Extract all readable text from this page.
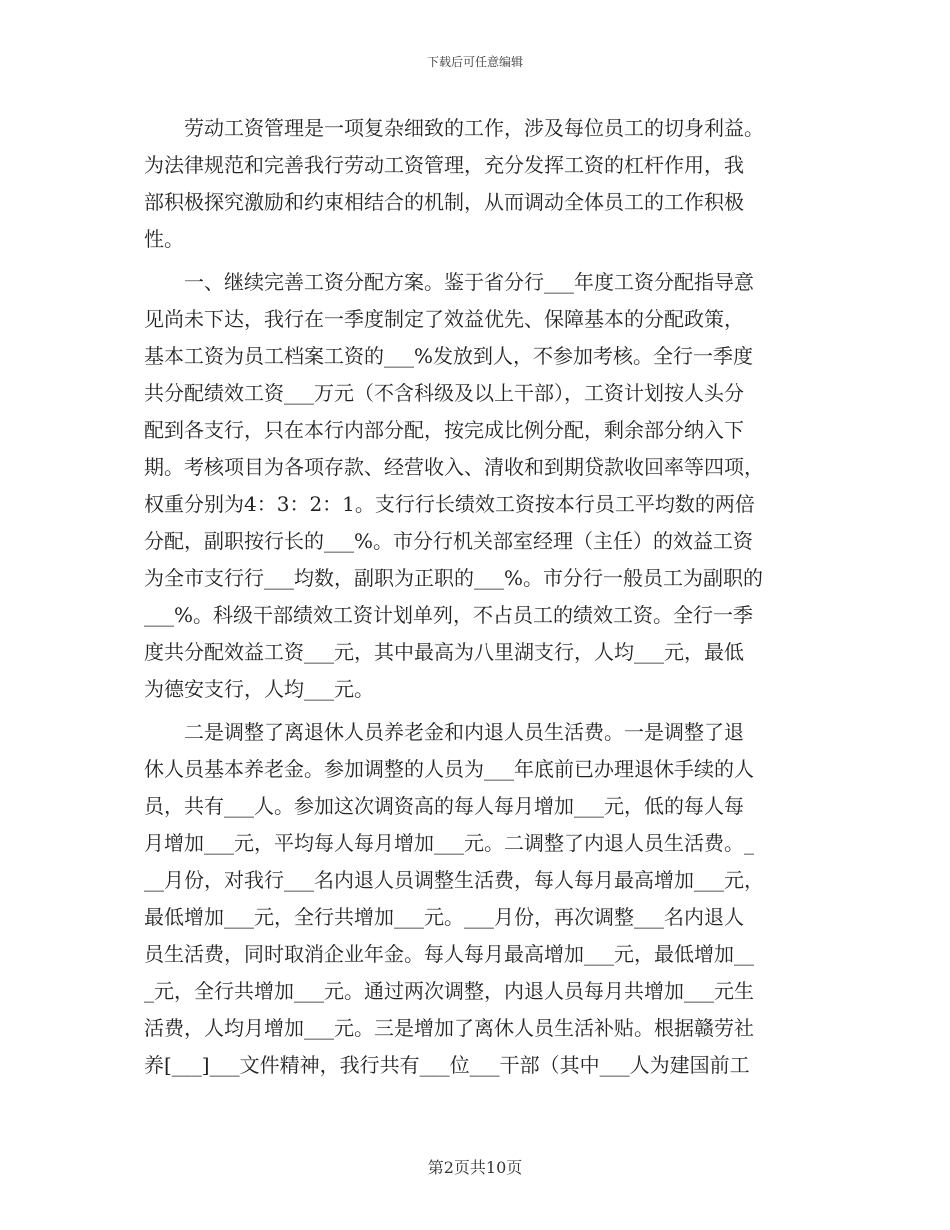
下载后可任意编辑
　　劳动工资管理是一项复杂细致的工作，涉及每位员工的切身利益。
为法律规范和完善我行劳动工资管理，充分发挥工资的杠杆作用，我
部积极探究激励和约束相结合的机制，从而调动全体员工的工作积极
性。
　　一、继续完善工资分配方案。鉴于省分行___年度工资分配指导意
见尚未下达，我行在一季度制定了效益优先、保障基本的分配政策，
基本工资为员工档案工资的___%发放到人，不参加考核。全行一季度
共分配绩效工资___万元（不含科级及以上干部），工资计划按人头分
配到各支行，只在本行内部分配，按完成比例分配，剩余部分纳入下
期。考核项目为各项存款、经营收入、清收和到期贷款收回率等四项，
权重分别为4：3：2：1。支行行长绩效工资按本行员工平均数的两倍
分配，副职按行长的___%。市分行机关部室经理（主任）的效益工资
为全市支行行___均数，副职为正职的___%。市分行一般员工为副职的
___%。科级干部绩效工资计划单列，不占员工的绩效工资。全行一季
度共分配效益工资___元，其中最高为八里湖支行，人均___元，最低
为德安支行，人均___元。
　　二是调整了离退休人员养老金和内退人员生活费。一是调整了退
休人员基本养老金。参加调整的人员为___年底前已办理退休手续的人
员，共有___人。参加这次调资高的每人每月增加___元，低的每人每
月增加___元，平均每人每月增加___元。二调整了内退人员生活费。_
__月份，对我行___名内退人员调整生活费，每人每月最高增加___元，
最低增加___元，全行共增加___元。___月份，再次调整___名内退人
员生活费，同时取消企业年金。每人每月最高增加___元，最低增加__
_元，全行共增加___元。通过两次调整，内退人员每月共增加___元生
活费，人均月增加___元。三是增加了离休人员生活补贴。根据赣劳社
养[___]___文件精神，我行共有___位___干部（其中___人为建国前工
第2页共10页
